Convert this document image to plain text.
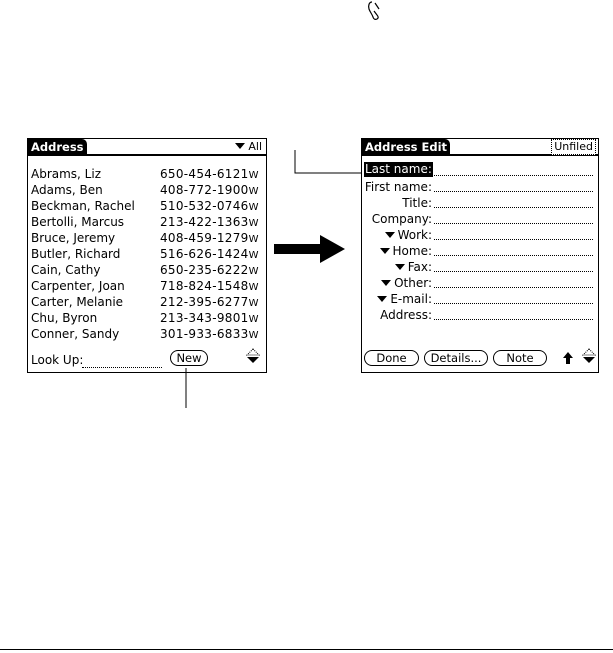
Address	All
Abrams, Liz	650-454-6121W
Adams, Ben	408-772-1900W
Beckman, Rachel 510-532-0746W
Bertolli, Marcus	213-422-1363W
Bruce, Jeremy	408-459-1279W
Butler, Richard	516-626-1424W
Cain, Cathy	650-235-6222W
Carpenter, Joan	718-824-1548W
Carter, Melanie	212-395-6277W
Chu, Byron	213-343-9801W
Conner, Sandy	301-933-6833W
Look Up:	New
Address Edit	Unfiled
Last name:
First name:
Title:
Company:
Work:
Home:
Fax:
Other:
E-mail:
Address:
Done	Details...	Note
